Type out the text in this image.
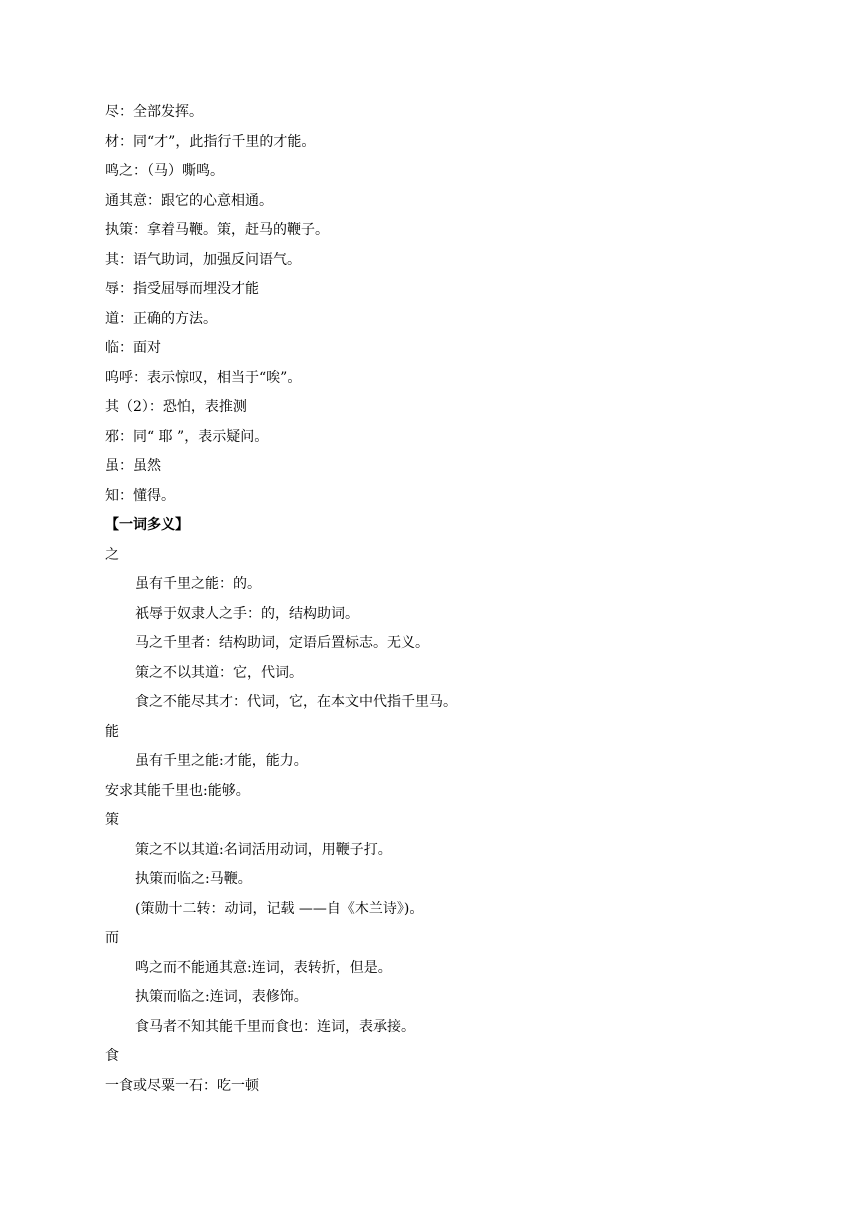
尽：全部发挥。
材：同“才”，此指行千里的才能。
鸣之：（马）嘶鸣。
通其意：跟它的心意相通。
执策：拿着马鞭。策，赶马的鞭子。
其：语气助词，加强反问语气。
辱：指受屈辱而埋没才能
道：正确的方法。
临：面对
呜呼：表示惊叹，相当于“唉”。
其（2）：恐怕，表推测
邪：同“ 耶 ”，表示疑问。
虽：虽然
知：懂得。
【一词多义】
之
虽有千里之能：的。
祇辱于奴隶人之手：的，结构助词。
马之千里者：结构助词，定语后置标志。无义。
策之不以其道：它，代词。
食之不能尽其才：代词，它，在本文中代指千里马。
能
虽有千里之能:才能，能力。
安求其能千里也:能够。
策
策之不以其道:名词活用动词，用鞭子打。
执策而临之:马鞭。
(策勋十二转：动词，记载 ——自《木兰诗》)。
而
鸣之而不能通其意:连词，表转折，但是。
执策而临之:连词，表修饰。
食马者不知其能千里而食也：连词，表承接。
食
一食或尽粟一石：吃一顿
